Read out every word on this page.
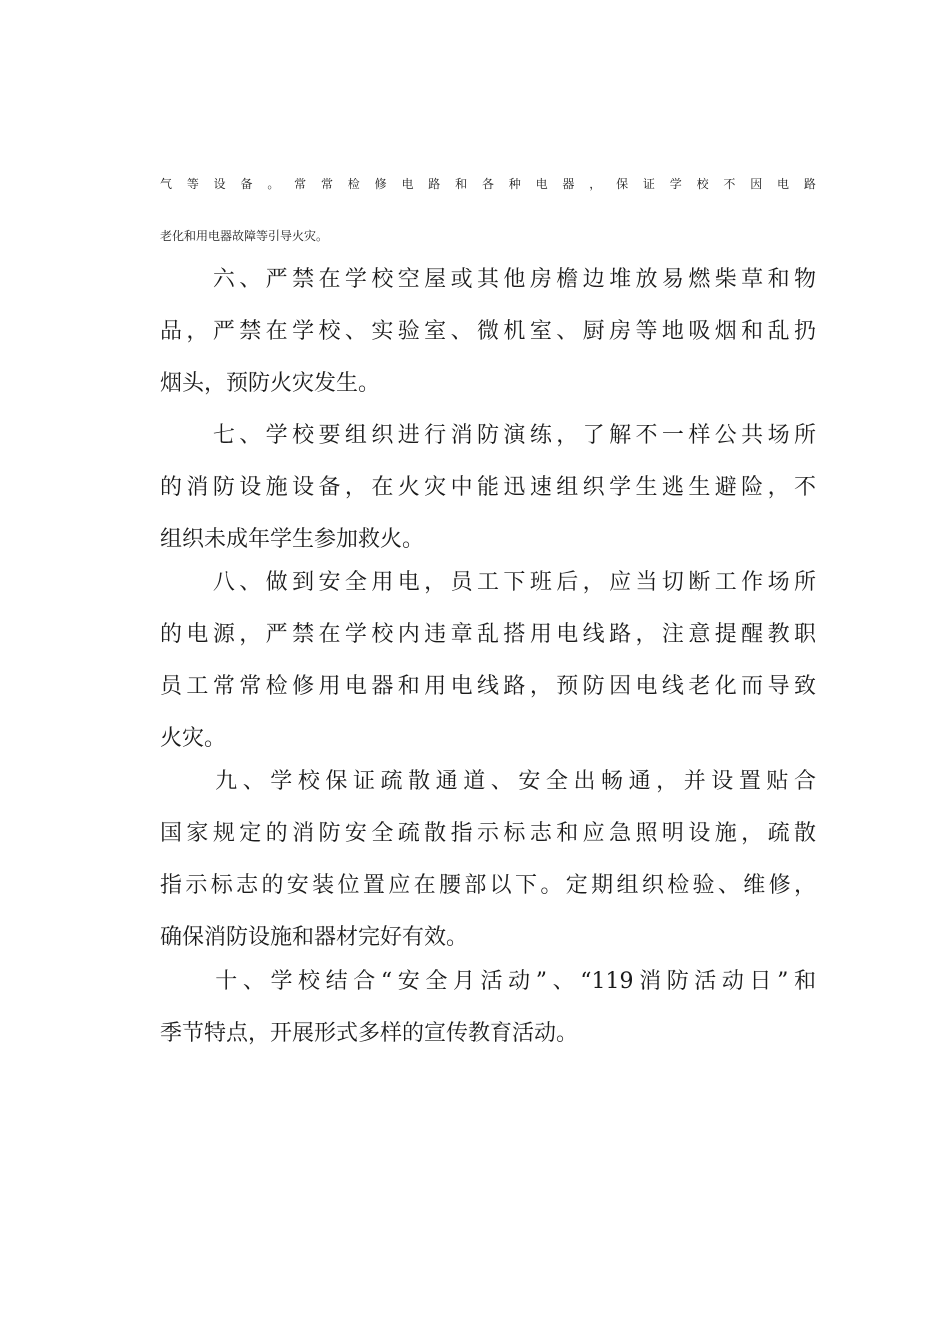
气 等 设 备 。 常 常 检 修 电 路 和 各 种 电 器 ， 保 证 学 校 不 因 电 路
老化和用电器故障等引导火灾。
　　六、严禁在学校空屋或其他房檐边堆放易燃柴草和物
品，严禁在学校、实验室、微机室、厨房等地吸烟和乱扔
烟头，预防火灾发生。
　　七、学校要组织进行消防演练，了解不一样公共场所
的消防设施设备，在火灾中能迅速组织学生逃生避险，不
组织未成年学生参加救火。
　　八、做到安全用电，员工下班后，应当切断工作场所
的电源，严禁在学校内违章乱搭用电线路，注意提醒教职
员工常常检修用电器和用电线路，预防因电线老化而导致
火灾。
　　九、学校保证疏散通道、安全出畅通，并设置贴合
国家规定的消防安全疏散指示标志和应急照明设施，疏散
指示标志的安装位置应在腰部以下。定期组织检验、维修，
确保消防设施和器材完好有效。
　　十、学校结合“安全月活动”、“119消防活动日”和
季节特点，开展形式多样的宣传教育活动。
